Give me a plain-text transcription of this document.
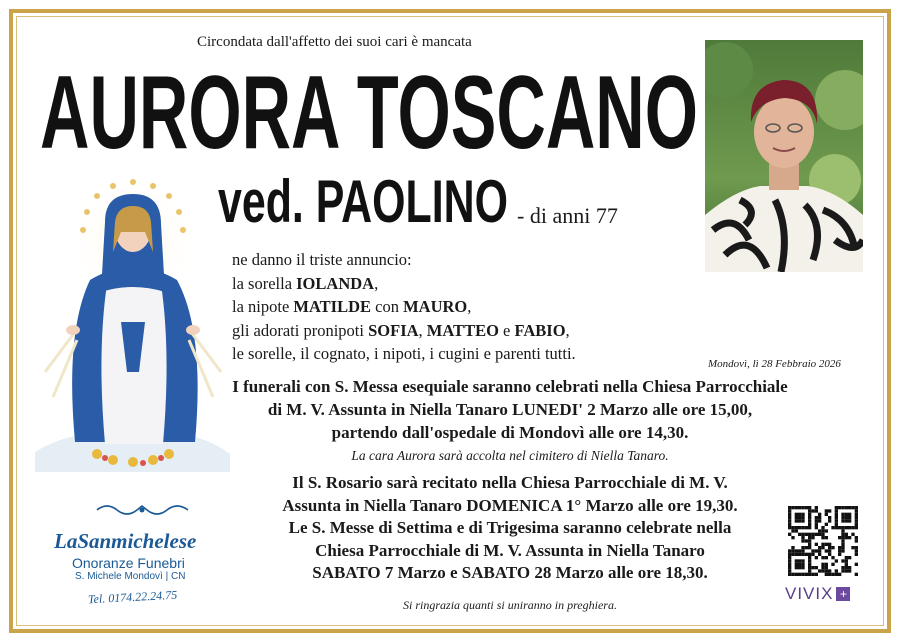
Circondata dall'affetto dei suoi cari è mancata
AURORA TOSCANO
ved. PAOLINO - di anni 77
ne danno il triste annuncio:
la sorella IOLANDA,
la nipote MATILDE con MAURO,
gli adorati pronipoti SOFIA, MATTEO e FABIO,
le sorelle, il cognato, i nipoti, i cugini e parenti tutti.
Mondovì, lì 28 Febbraio 2026
I funerali con S. Messa esequiale saranno celebrati nella Chiesa Parrocchiale
di M. V. Assunta in Niella Tanaro LUNEDI' 2 Marzo alle ore 15,00,
partendo dall'ospedale di Mondovì alle ore 14,30.
La cara Aurora sarà accolta nel cimitero di Niella Tanaro.
Il S. Rosario sarà recitato nella Chiesa Parrocchiale di M. V.
Assunta in Niella Tanaro DOMENICA 1° Marzo alle ore 19,30.
Le S. Messe di Settima e di Trigesima saranno celebrate nella
Chiesa Parrocchiale di M. V. Assunta in Niella Tanaro
SABATO 7 Marzo e SABATO 28 Marzo alle ore 18,30.
Si ringrazia quanti si uniranno in preghiera.
LaSanmichelese
Onoranze Funebri
S. Michele Mondovì | CN
Tel. 0174.22.24.75	VIVIX +
